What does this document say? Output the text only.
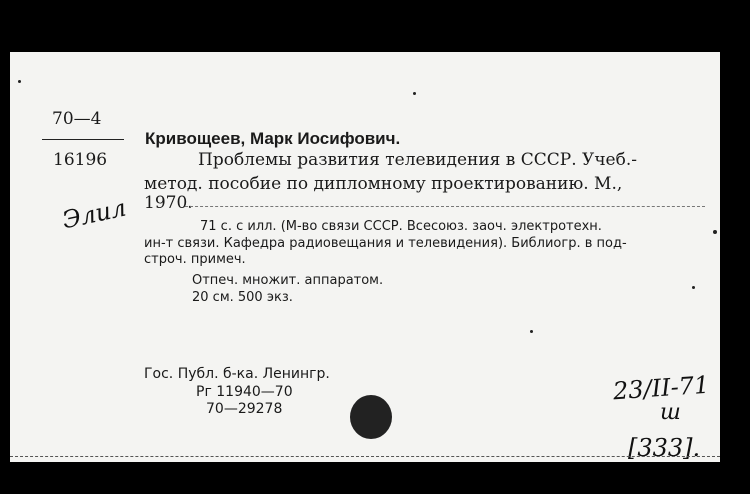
70—4
16196
Кривощеев, Марк Иосифович.
Проблемы развития телевидения в СССР. Учеб.-
метод. пособие по дипломному проектированию. М.,
1970.
71 с. с илл. (М-во связи СССР. Всесоюз. заоч. электротехн.
ин-т связи. Кафедра радиовещания и телевидения). Библиогр. в под-
строч. примеч.
Отпеч. множит. аппаратом.
20 см. 500 экз.
Гос. Публ. б-ка. Ленингр.
Рг 11940—70
70—29278
Элил
23/II-71
ш
[333].
